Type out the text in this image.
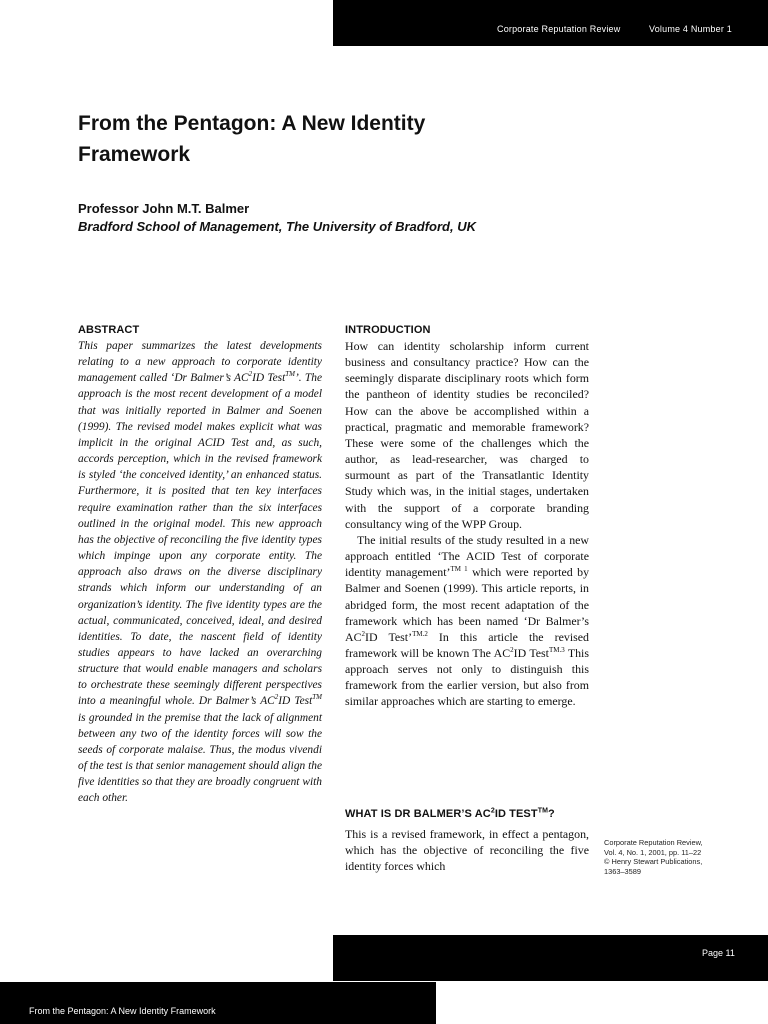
Corporate Reputation Review	Volume 4 Number 1
From the Pentagon: A New Identity
Framework
Professor John M.T. Balmer
Bradford School of Management, The University of Bradford, UK
ABSTRACT

This paper summarizes the latest developments relating to a new approach to corporate identity management called ‘Dr Balmer’s $AC^2ID$ Test™’. The approach is the most recent development of a model that was initially reported in Balmer and Soenen (1999). The revised model makes explicit what was implicit in the original ACID Test and, as such, accords perception, which in the revised framework is styled ‘the conceived identity,’ an enhanced status. Furthermore, it is posited that ten key interfaces require examination rather than the six interfaces outlined in the original model. This new approach has the objective of reconciling the five identity types which impinge upon any corporate entity. The approach also draws on the diverse disciplinary strands which inform our understanding of an organization’s identity. The five identity types are the actual, communicated, conceived, ideal, and desired identities. To date, the nascent field of identity studies appears to have lacked an overarching structure that would enable managers and scholars to orchestrate these seemingly different perspectives into a meaningful whole. Dr Balmer’s $AC^2ID$ Test™ is grounded in the premise that the lack of alignment between any two of the identity forces will sow the seeds of corporate malaise. Thus, the modus vivendi of the test is that senior management should align the five identities so that they are broadly congruent with each other.

INTRODUCTION

How can identity scholarship inform current business and consultancy practice? How can the seemingly disparate disciplinary roots which form the pantheon of identity studies be reconciled? How can the above be accomplished within a practical, pragmatic and memorable framework? These were some of the challenges which the author, as lead-researcher, was charged to surmount as part of the Transatlantic Identity Study which was, in the initial stages, undertaken with the support of a corporate branding consultancy wing of the WPP Group.

The initial results of the study resulted in a new approach entitled ‘The ACID Test of corporate identity management’$^{TM 1}$ which were reported by Balmer and Soenen (1999). This article reports, in abridged form, the most recent adaptation of the framework which has been named ‘Dr Balmer’s $AC^2ID$ Test’$^{TM.2}$ In this article the revised framework will be known The $AC^2ID$ Test$^{TM.3}$ This approach serves not only to distinguish this framework from the earlier version, but also from similar approaches which are starting to emerge.

WHAT IS DR BALMER’S $AC^2ID$ TEST™?

This is a revised framework, in effect a pentagon, which has the objective of reconciling the five identity forces which

Corporate Reputation Review,
Vol. 4, No. 1, 2001, pp. 11–22
© Henry Stewart Publications,
1363–3589
Page 11
From the Pentagon: A New Identity Framework
